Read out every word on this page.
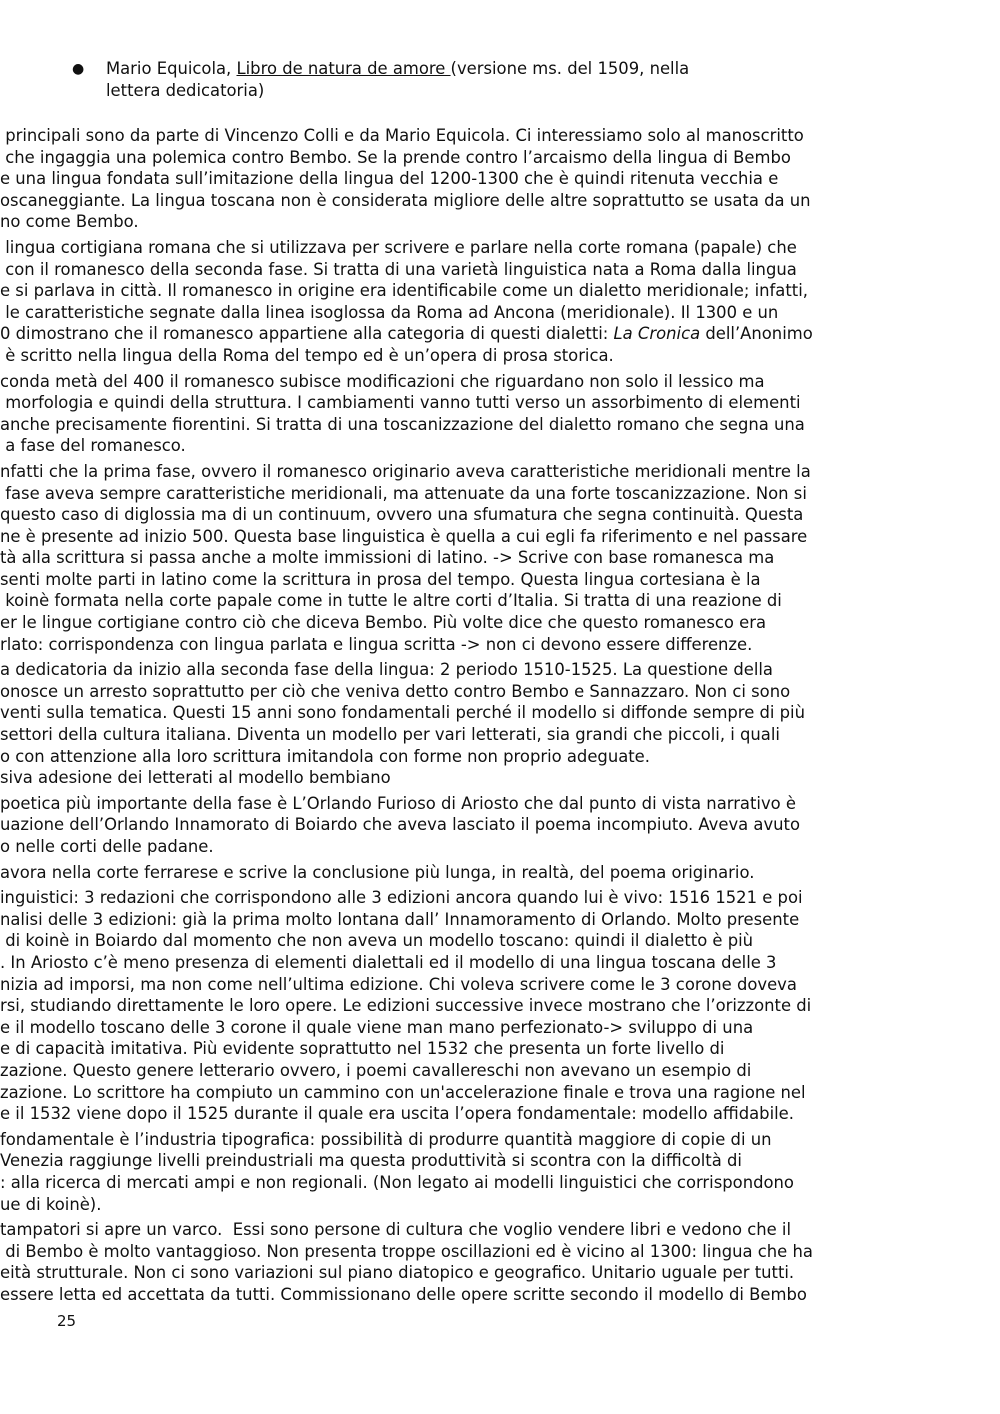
●	Mario Equicola, Libro de natura de amore (versione ms. del 1509, nella
lettera dedicatoria)
principali sono da parte di Vincenzo Colli e da Mario Equicola. Ci interessiamo solo al manoscritto
che ingaggia una polemica contro Bembo. Se la prende contro l’arcaismo della lingua di Bembo
e una lingua fondata sull’imitazione della lingua del 1200-1300 che è quindi ritenuta vecchia e
oscaneggiante. La lingua toscana non è considerata migliore delle altre soprattutto se usata da un
no come Bembo.
lingua cortigiana romana che si utilizzava per scrivere e parlare nella corte romana (papale) che
con il romanesco della seconda fase. Si tratta di una varietà linguistica nata a Roma dalla lingua
e si parlava in città. Il romanesco in origine era identificabile come un dialetto meridionale; infatti,
le caratteristiche segnate dalla linea isoglossa da Roma ad Ancona (meridionale). Il 1300 e un
0 dimostrano che il romanesco appartiene alla categoria di questi dialetti: La Cronica dell’Anonimo
è scritto nella lingua della Roma del tempo ed è un’opera di prosa storica.
conda metà del 400 il romanesco subisce modificazioni che riguardano non solo il lessico ma
morfologia e quindi della struttura. I cambiamenti vanno tutti verso un assorbimento di elementi
anche precisamente fiorentini. Si tratta di una toscanizzazione del dialetto romano che segna una
a fase del romanesco.
nfatti che la prima fase, ovvero il romanesco originario aveva caratteristiche meridionali mentre la
fase aveva sempre caratteristiche meridionali, ma attenuate da una forte toscanizzazione. Non si
questo caso di diglossia ma di un continuum, ovvero una sfumatura che segna continuità. Questa
ne è presente ad inizio 500. Questa base linguistica è quella a cui egli fa riferimento e nel passare
tà alla scrittura si passa anche a molte immissioni di latino. -> Scrive con base romanesca ma
senti molte parti in latino come la scrittura in prosa del tempo. Questa lingua cortesiana è la
koinè formata nella corte papale come in tutte le altre corti d’Italia. Si tratta di una reazione di
er le lingue cortigiane contro ciò che diceva Bembo. Più volte dice che questo romanesco era
rlato: corrispondenza con lingua parlata e lingua scritta -> non ci devono essere differenze.
a dedicatoria da inizio alla seconda fase della lingua: 2 periodo 1510-1525. La questione della
onosce un arresto soprattutto per ciò che veniva detto contro Bembo e Sannazzaro. Non ci sono
venti sulla tematica. Questi 15 anni sono fondamentali perché il modello si diffonde sempre di più
settori della cultura italiana. Diventa un modello per vari letterati, sia grandi che piccoli, i quali
o con attenzione alla loro scrittura imitandola con forme non proprio adeguate.
siva adesione dei letterati al modello bembiano
poetica più importante della fase è L’Orlando Furioso di Ariosto che dal punto di vista narrativo è
uazione dell’Orlando Innamorato di Boiardo che aveva lasciato il poema incompiuto. Aveva avuto
o nelle corti delle padane.
avora nella corte ferrarese e scrive la conclusione più lunga, in realtà, del poema originario.
inguistici: 3 redazioni che corrispondono alle 3 edizioni ancora quando lui è vivo: 1516 1521 e poi
nalisi delle 3 edizioni: già la prima molto lontana dall’ Innamoramento di Orlando. Molto presente
di koinè in Boiardo dal momento che non aveva un modello toscano: quindi il dialetto è più
. In Ariosto c’è meno presenza di elementi dialettali ed il modello di una lingua toscana delle 3
nizia ad imporsi, ma non come nell’ultima edizione. Chi voleva scrivere come le 3 corone doveva
rsi, studiando direttamente le loro opere. Le edizioni successive invece mostrano che l’orizzonte di
e il modello toscano delle 3 corone il quale viene man mano perfezionato-> sviluppo di una
e di capacità imitativa. Più evidente soprattutto nel 1532 che presenta un forte livello di
zazione. Questo genere letterario ovvero, i poemi cavallereschi non avevano un esempio di
zazione. Lo scrittore ha compiuto un cammino con un'accelerazione finale e trova una ragione nel
e il 1532 viene dopo il 1525 durante il quale era uscita l’opera fondamentale: modello affidabile.
fondamentale è l’industria tipografica: possibilità di produrre quantità maggiore di copie di un
Venezia raggiunge livelli preindustriali ma questa produttività si scontra con la difficoltà di
: alla ricerca di mercati ampi e non regionali. (Non legato ai modelli linguistici che corrispondono
ue di koinè).
tampatori si apre un varco.  Essi sono persone di cultura che voglio vendere libri e vedono che il
di Bembo è molto vantaggioso. Non presenta troppe oscillazioni ed è vicino al 1300: lingua che ha
eità strutturale. Non ci sono variazioni sul piano diatopico e geografico. Unitario uguale per tutti.
essere letta ed accettata da tutti. Commissionano delle opere scritte secondo il modello di Bembo
25
